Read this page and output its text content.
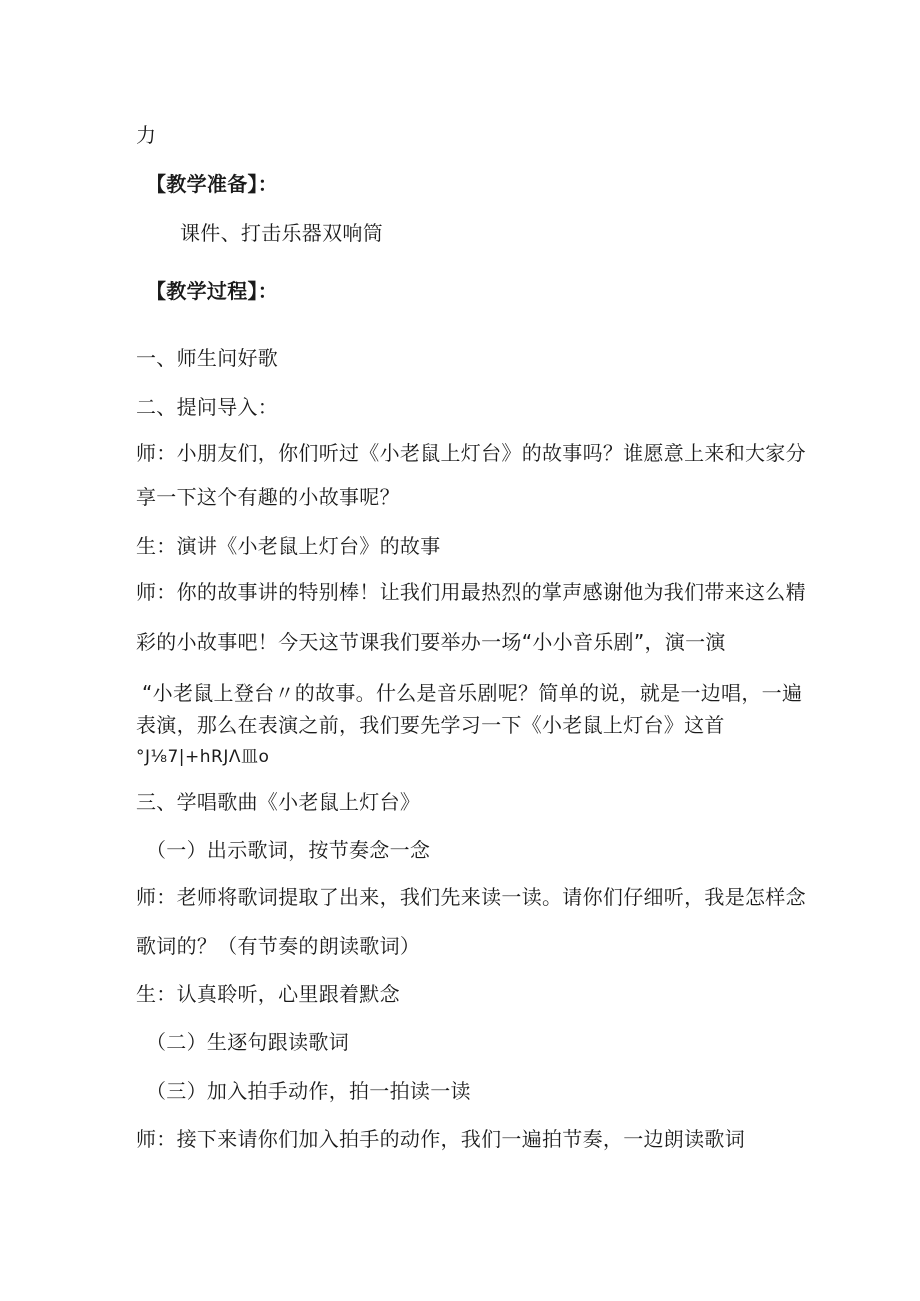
力
【教学准备】：
课件、打击乐器双响筒
【教学过程】：
一、师生问好歌
二、提问导入：
师：小朋友们，你们听过《小老鼠上灯台》的故事吗？谁愿意上来和大家分
享一下这个有趣的小故事呢？
生：演讲《小老鼠上灯台》的故事
师：你的故事讲的特别棒！让我们用最热烈的掌声感谢他为我们带来这么精
彩的小故事吧！今天这节课我们要举办一场“小小音乐剧”，演一演
“小老鼠上登台〃的故事。什么是音乐剧呢？简单的说，就是一边唱，一遍
表演，那么在表演之前，我们要先学习一下《小老鼠上灯台》这首
°J⅛7|+hRJΛ皿o
三、学唱歌曲《小老鼠上灯台》
（一）出示歌词，按节奏念一念
师：老师将歌词提取了出来，我们先来读一读。请你们仔细听，我是怎样念
歌词的？（有节奏的朗读歌词）
生：认真聆听，心里跟着默念
（二）生逐句跟读歌词
（三）加入拍手动作，拍一拍读一读
师：接下来请你们加入拍手的动作，我们一遍拍节奏，一边朗读歌词
